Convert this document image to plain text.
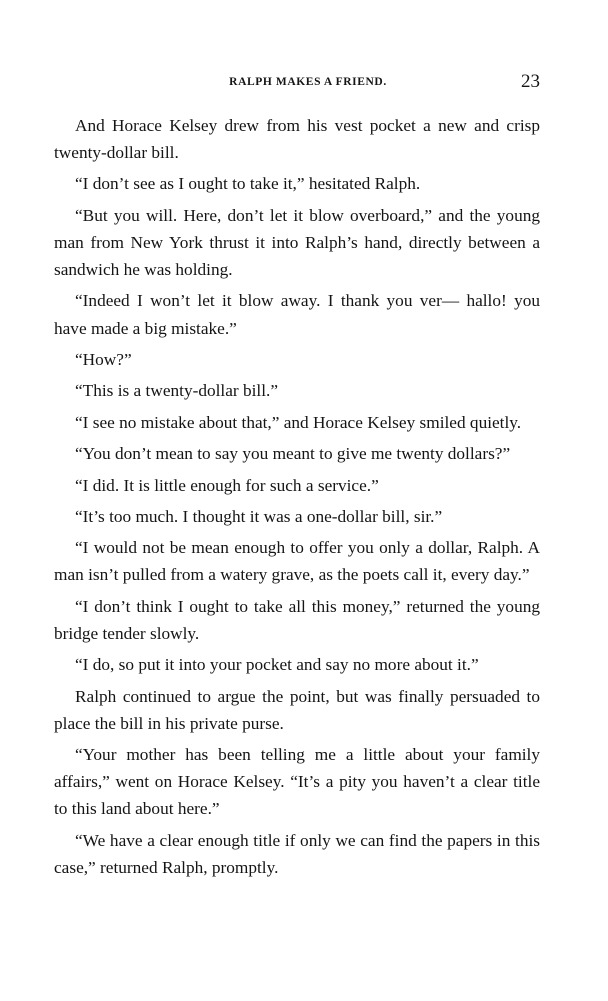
RALPH MAKES A FRIEND.	23

And Horace Kelsey drew from his vest pocket a new and crisp twenty-dollar bill.

“I don’t see as I ought to take it,” hesitated Ralph.

“But you will. Here, don’t let it blow overboard,” and the young man from New York thrust it into Ralph’s hand, directly between a sandwich he was holding.

“Indeed I won’t let it blow away. I thank you ver— hallo! you have made a big mistake.”

“How?”

“This is a twenty-dollar bill.”

“I see no mistake about that,” and Horace Kelsey smiled quietly.

“You don’t mean to say you meant to give me twenty dollars?”

“I did. It is little enough for such a service.”

“It’s too much. I thought it was a one-dollar bill, sir.”

“I would not be mean enough to offer you only a dollar, Ralph. A man isn’t pulled from a watery grave, as the poets call it, every day.”

“I don’t think I ought to take all this money,” returned the young bridge tender slowly.

“I do, so put it into your pocket and say no more about it.”

Ralph continued to argue the point, but was finally persuaded to place the bill in his private purse.

“Your mother has been telling me a little about your family affairs,” went on Horace Kelsey. “It’s a pity you haven’t a clear title to this land about here.”

“We have a clear enough title if only we can find the papers in this case,” returned Ralph, promptly.
